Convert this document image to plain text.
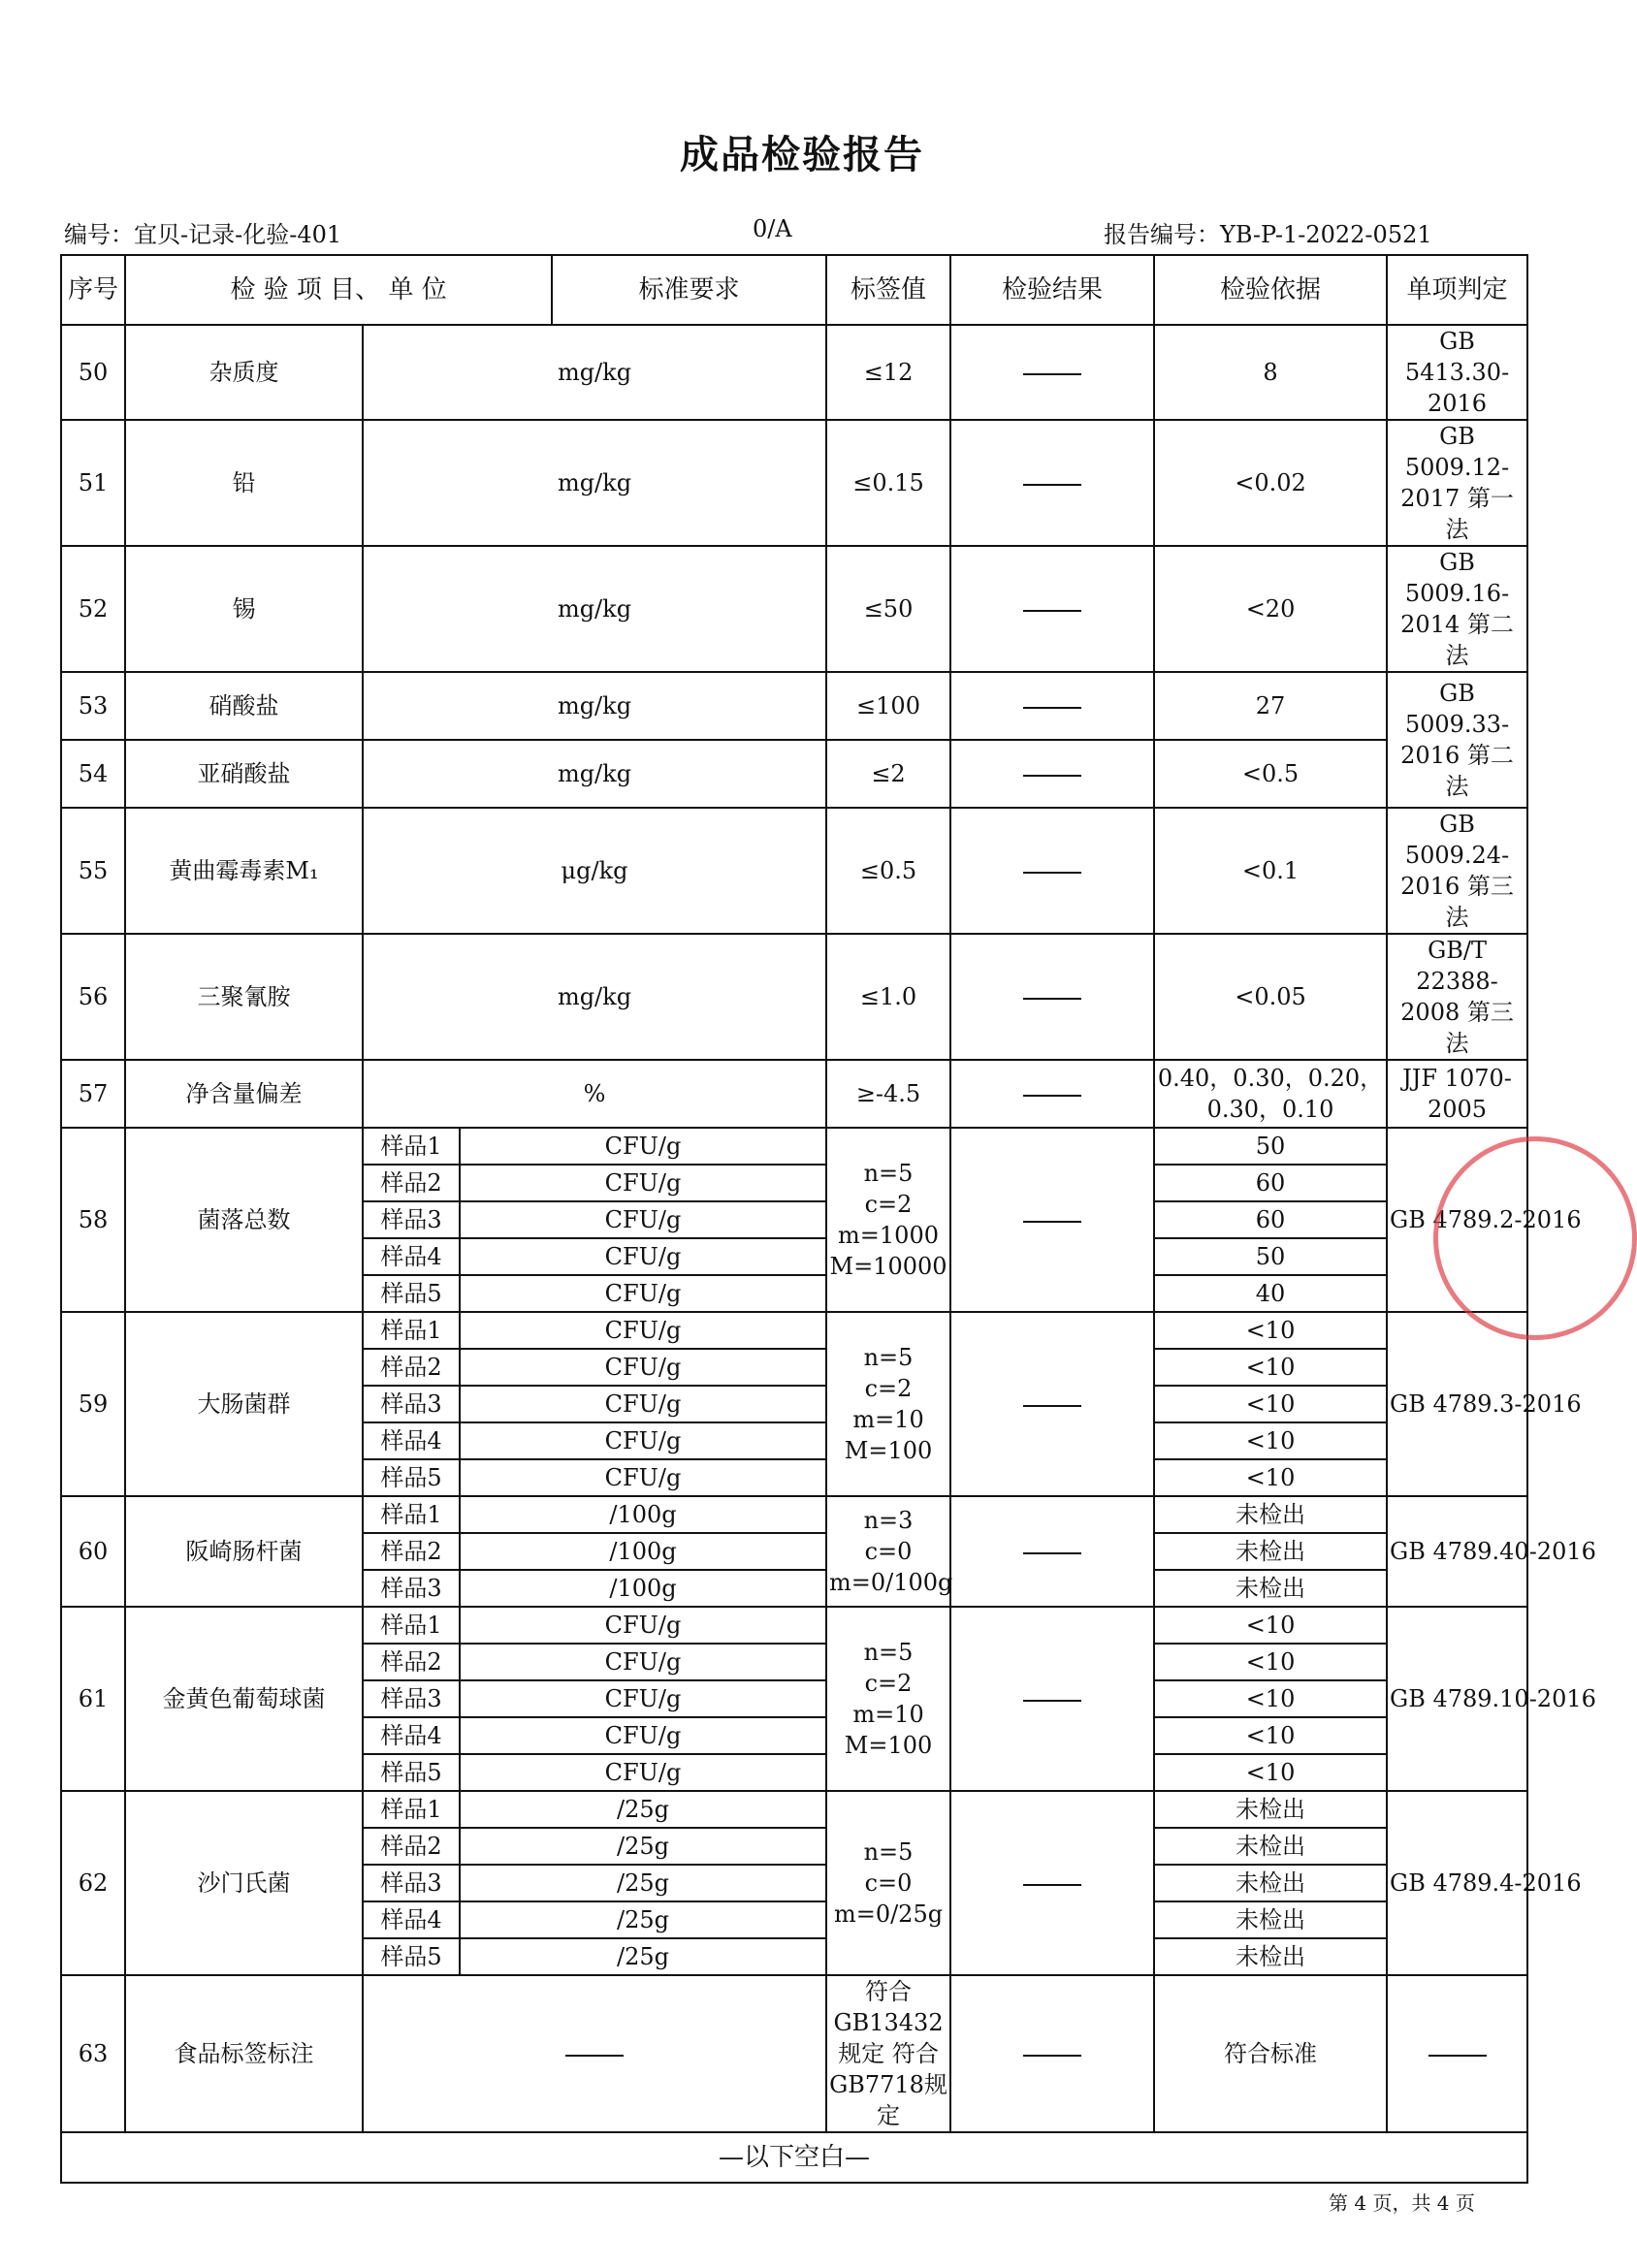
成品检验报告
编号：宜贝-记录-化验-401	0/A	报告编号：YB-P-1-2022-0521
序号	检 验 项 目、 单 位			标准要求	标签值	检验结果	检验依据	单项判定	
50	杂质度	mg/kg			≤12		8	GB 5413.30-2016	
51	铅	mg/kg			≤0.15		<0.02	GB 5009.12-2017 第一法	
52	锡	mg/kg			≤50		<20	GB 5009.16-2014 第二法	
53	硝酸盐	mg/kg			≤100		27	GB 5009.33-2016 第二法	
54	亚硝酸盐	mg/kg			≤2		<0.5	
55	黄曲霉毒素M₁	μg/kg			≤0.5		<0.1	GB 5009.24-2016 第三法	
56	三聚氰胺	mg/kg			≤1.0		<0.05	GB/T 22388-2008 第三法	
57	净含量偏差	%			≥-4.5		0.40，0.30，0.20，0.30，0.10	JJF 1070-2005	
58	菌落总数	样品1	CFU/g		n=5　　c=2 m=1000　M=10000		50	GB 4789.2-2016	
		样品2	CFU/g				60		
		样品3	CFU/g				60		
		样品4	CFU/g				50		
		样品5	CFU/g				40		
59	大肠菌群	样品1	CFU/g		n=5　　c=2 m=10　M=100		<10	GB 4789.3-2016	
		样品2	CFU/g				<10		
		样品3	CFU/g				<10		
		样品4	CFU/g				<10		
		样品5	CFU/g				<10		
60	阪崎肠杆菌	样品1	/100g		n=3　　c=0 m=0/100g		未检出	GB 4789.40-2016	
		样品2	/100g				未检出		
		样品3	/100g				未检出		
61	金黄色葡萄球菌	样品1	CFU/g		n=5　c=2 m=10　M=100		<10	GB 4789.10-2016	
		样品2	CFU/g				<10		
		样品3	CFU/g				<10		
		样品4	CFU/g				<10		
		样品5	CFU/g				<10		
62	沙门氏菌	样品1	/25g		n=5　　c=0 m=0/25g		未检出	GB 4789.4-2016	
		样品2	/25g				未检出		
		样品3	/25g				未检出		
		样品4	/25g				未检出		
		样品5	/25g				未检出		
63	食品标签标注				符合GB13432规定 符合GB7718规定		符合标准		
—以下空白—									
第 4 页，共 4 页
